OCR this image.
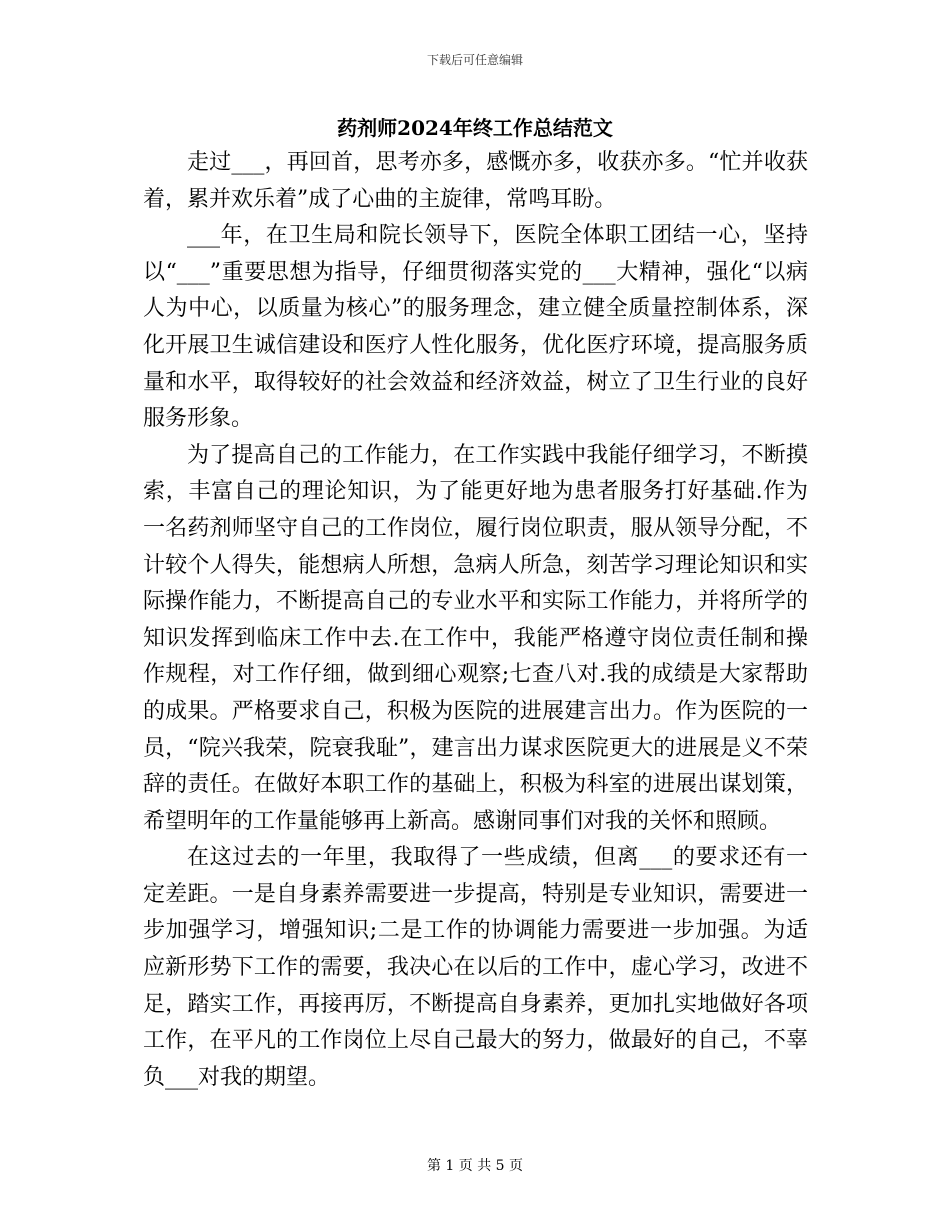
下载后可任意编辑
药剂师2024年终工作总结范文

走过___，再回首，思考亦多，感慨亦多，收获亦多。“忙并收获着，累并欢乐着”成了心曲的主旋律，常鸣耳盼。

___年，在卫生局和院长领导下，医院全体职工团结一心，坚持以“___”重要思想为指导，仔细贯彻落实党的___大精神，强化“以病人为中心，以质量为核心”的服务理念，建立健全质量控制体系，深化开展卫生诚信建设和医疗人性化服务，优化医疗环境，提高服务质量和水平，取得较好的社会效益和经济效益，树立了卫生行业的良好服务形象。

为了提高自己的工作能力，在工作实践中我能仔细学习，不断摸索，丰富自己的理论知识，为了能更好地为患者服务打好基础.作为一名药剂师坚守自己的工作岗位，履行岗位职责，服从领导分配，不计较个人得失，能想病人所想，急病人所急，刻苦学习理论知识和实际操作能力，不断提高自己的专业水平和实际工作能力，并将所学的知识发挥到临床工作中去.在工作中，我能严格遵守岗位责任制和操作规程，对工作仔细，做到细心观察;七查八对.我的成绩是大家帮助的成果。严格要求自己，积极为医院的进展建言出力。作为医院的一员，“院兴我荣，院衰我耻”，建言出力谋求医院更大的进展是义不荣辞的责任。在做好本职工作的基础上，积极为科室的进展出谋划策，希望明年的工作量能够再上新高。感谢同事们对我的关怀和照顾。

在这过去的一年里，我取得了一些成绩，但离___的要求还有一定差距。一是自身素养需要进一步提高，特别是专业知识，需要进一步加强学习，增强知识;二是工作的协调能力需要进一步加强。为适应新形势下工作的需要，我决心在以后的工作中，虚心学习，改进不足，踏实工作，再接再厉，不断提高自身素养，更加扎实地做好各项工作，在平凡的工作岗位上尽自己最大的努力，做最好的自己，不辜负___对我的期望。

第 1 页 共 5 页
